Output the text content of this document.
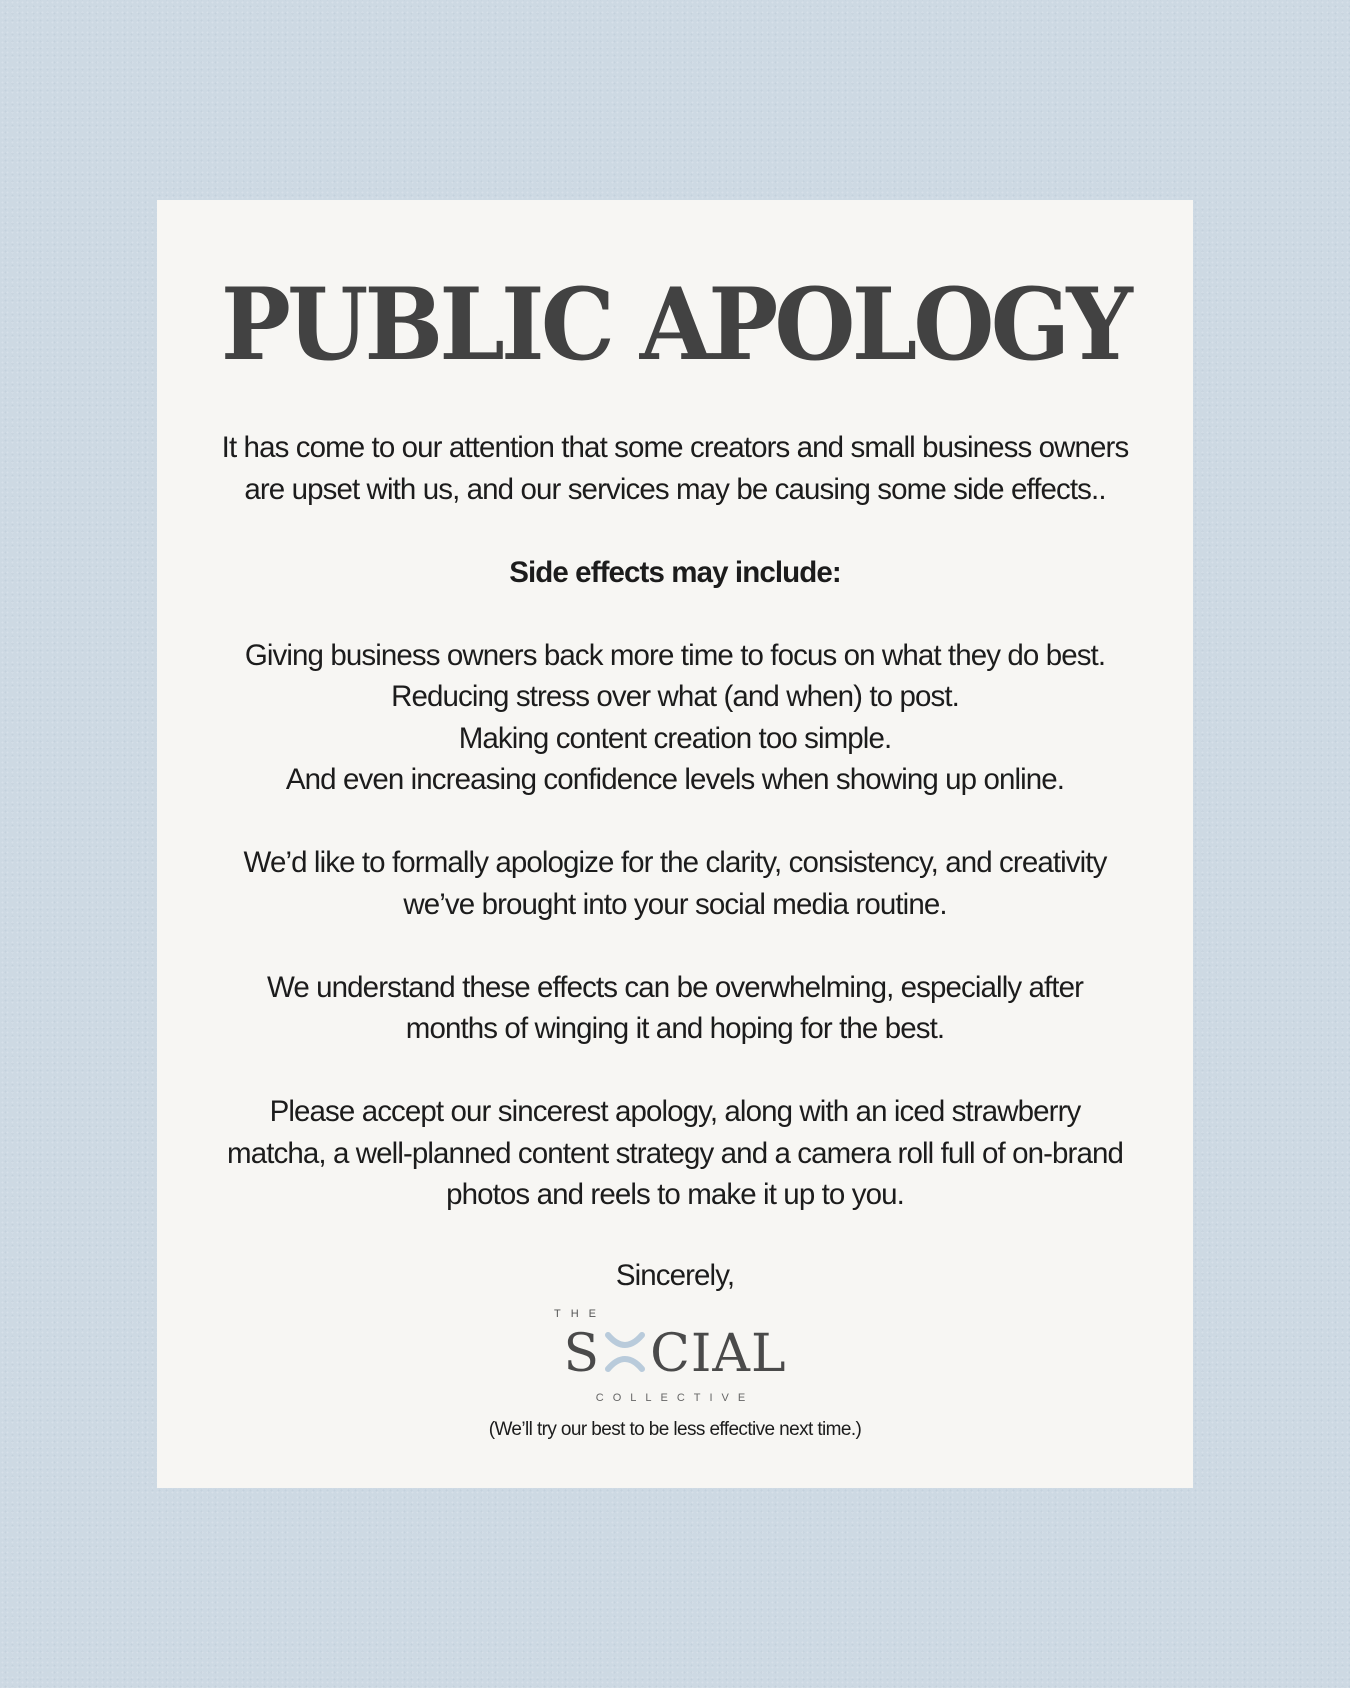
PUBLIC APOLOGY

It has come to our attention that some creators and small business owners
are upset with us, and our services may be causing some side effects..

Side effects may include:

Giving business owners back more time to focus on what they do best.
Reducing stress over what (and when) to post.
Making content creation too simple.
And even increasing confidence levels when showing up online.

We’d like to formally apologize for the clarity, consistency, and creativity
we’ve brought into your social media routine.

We understand these effects can be overwhelming, especially after
months of winging it and hoping for the best.

Please accept our sincerest apology, along with an iced strawberry
matcha, a well-planned content strategy and a camera roll full of on-brand
photos and reels to make it up to you.

Sincerely,
THE
S CIAL
COLLECTIVE
(We’ll try our best to be less effective next time.)
